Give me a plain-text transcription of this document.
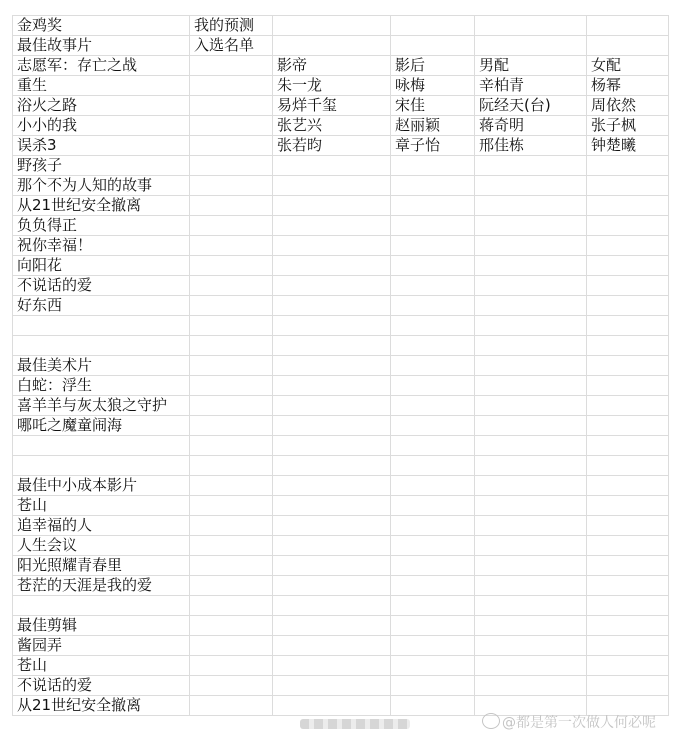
金鸡奖	我的预测				
最佳故事片	入选名单				
志愿军：存亡之战		影帝	影后	男配	女配
重生		朱一龙	咏梅	辛柏青	杨幂
浴火之路		易烊千玺	宋佳	阮经天(台)	周依然
小小的我		张艺兴	赵丽颖	蒋奇明	张子枫
误杀3		张若昀	章子怡	邢佳栋	钟楚曦
野孩子					
那个不为人知的故事					
从21世纪安全撤离					
负负得正					
祝你幸福！					
向阳花					
不说话的爱					
好东西					

最佳美术片					
白蛇：浮生					
喜羊羊与灰太狼之守护					
哪吒之魔童闹海					

最佳中小成本影片					
苍山					
追幸福的人					
人生会议					
阳光照耀青春里					
苍茫的天涯是我的爱					

最佳剪辑					
酱园弄					
苍山					
不说话的爱					
从21世纪安全撤离					
@都是第一次做人何必呢
